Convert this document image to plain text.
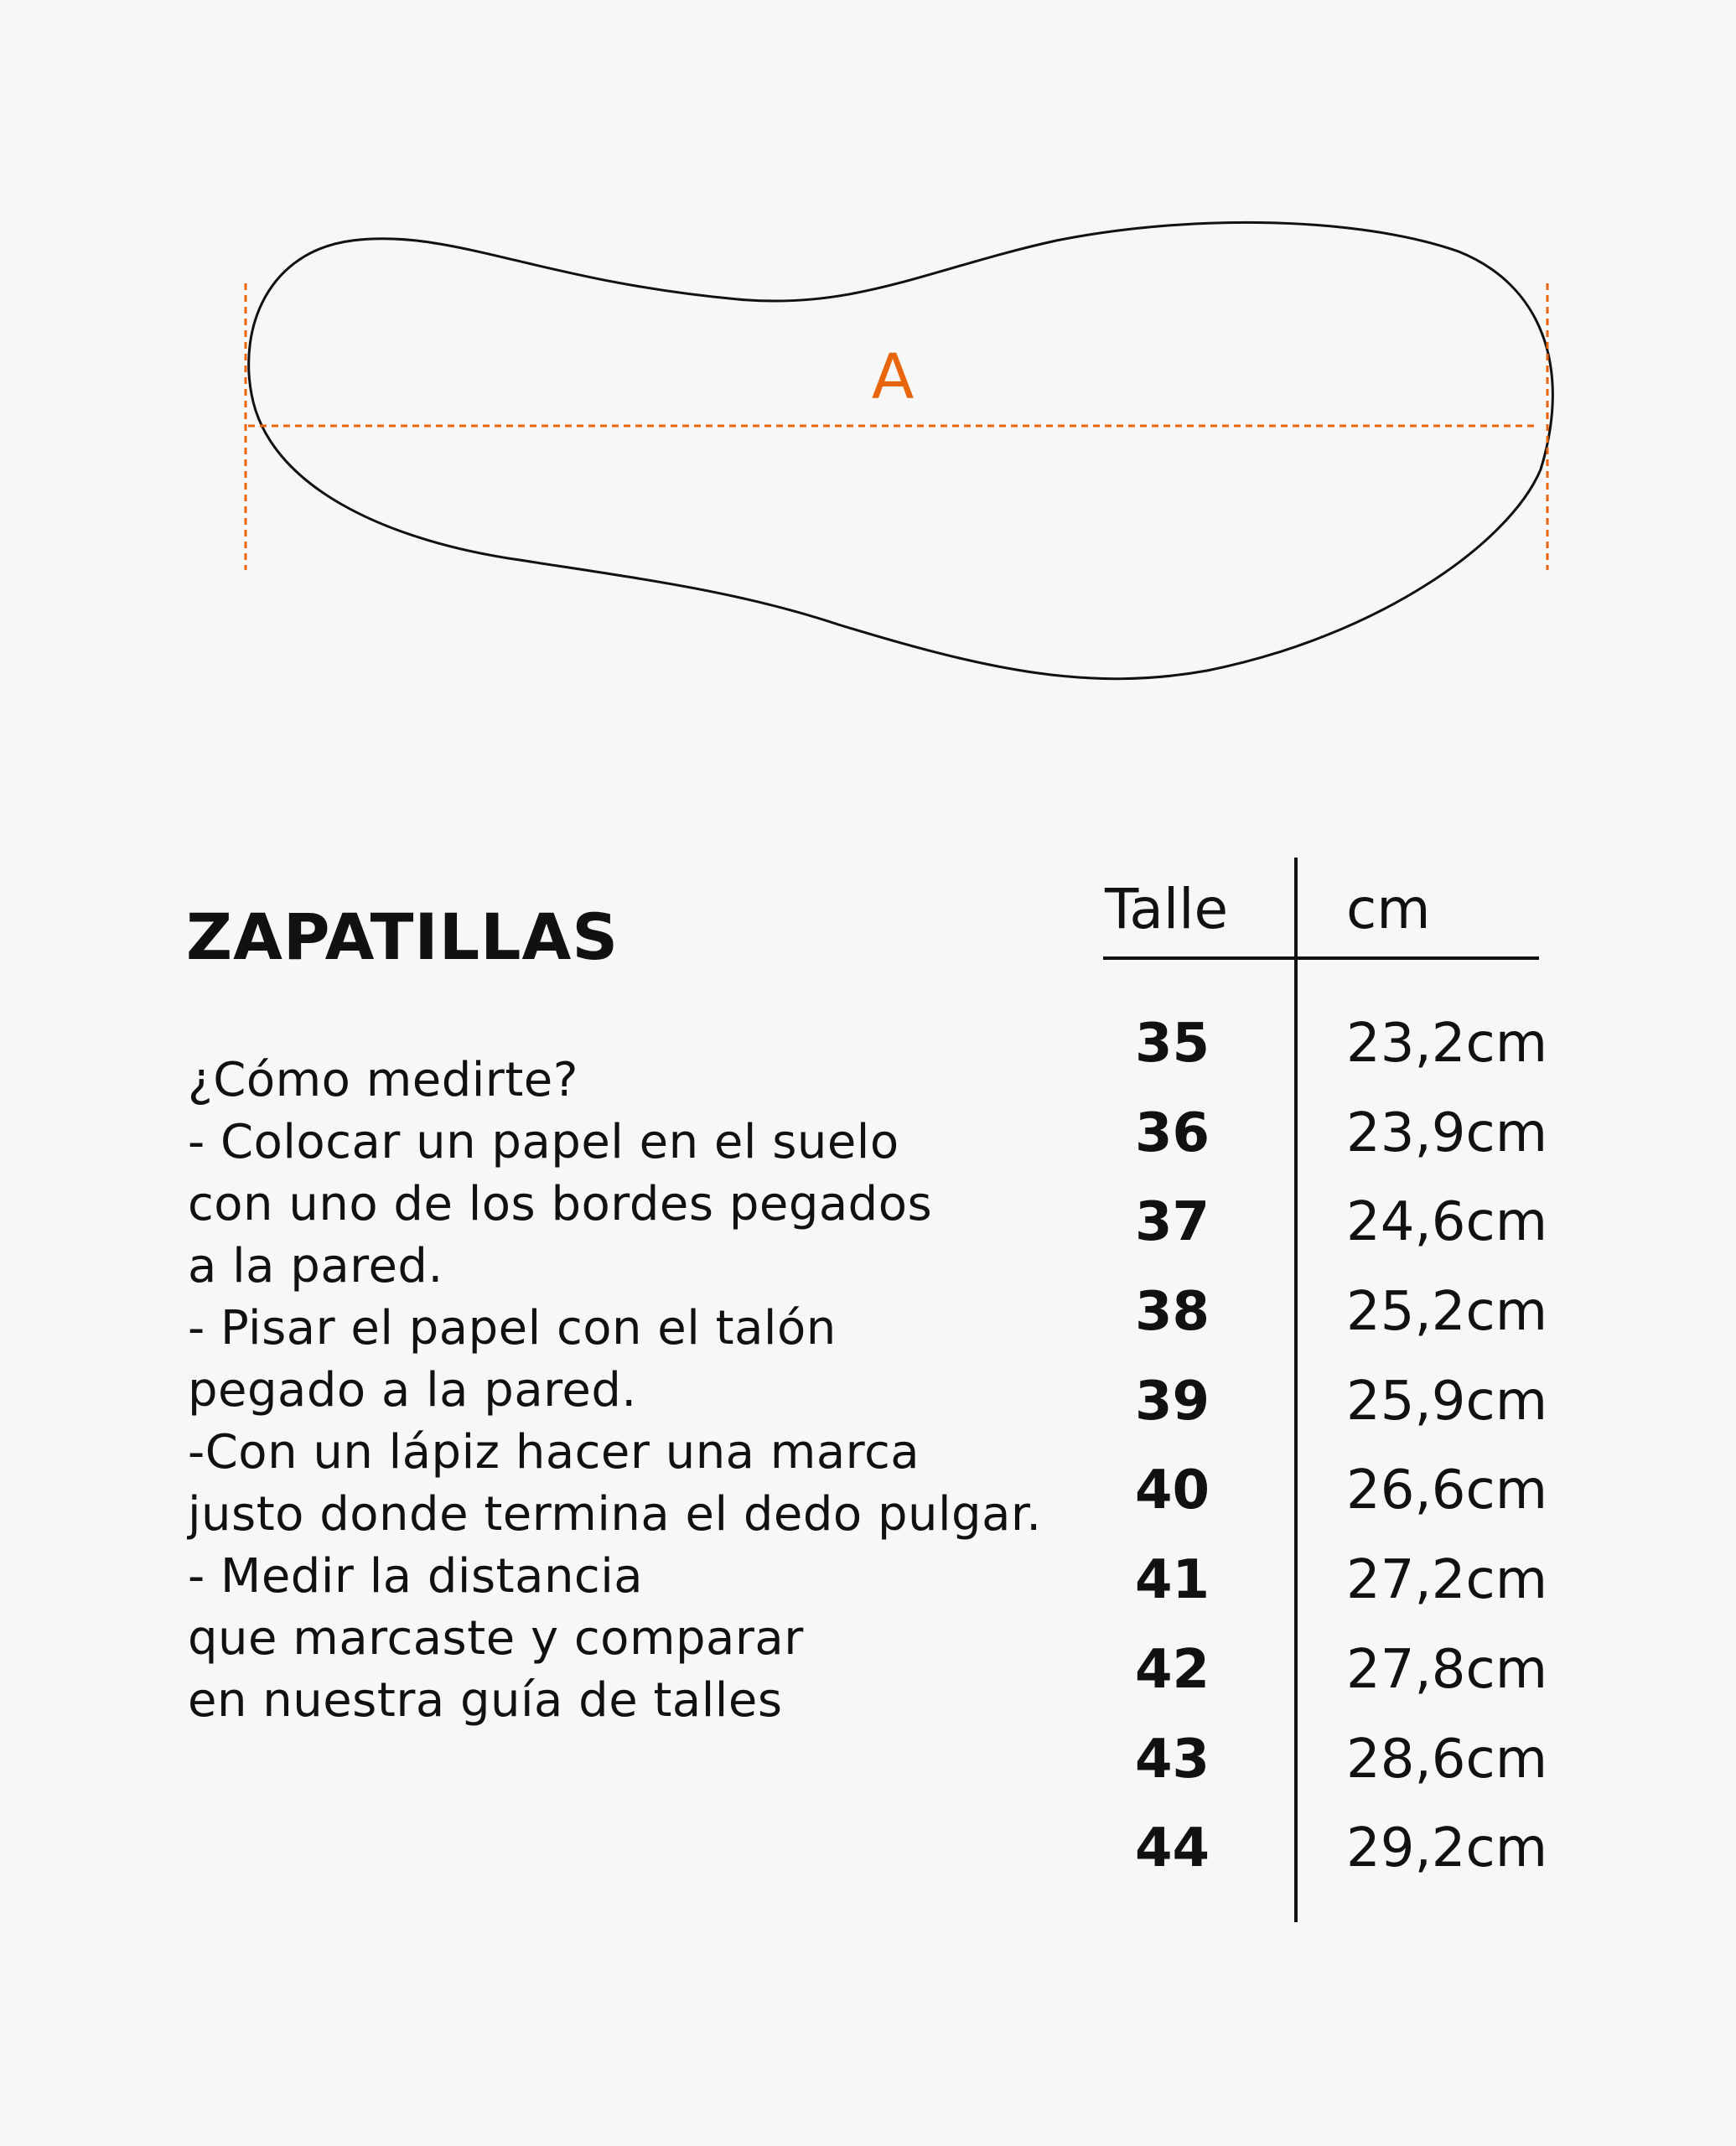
A
ZAPATILLAS
¿Cómo medirte?
- Colocar un papel en el suelo
con uno de los bordes pegados
a la pared.
- Pisar el papel con el talón
pegado a la pared.
-Con un lápiz hacer una marca
justo donde termina el dedo pulgar.
- Medir la distancia
que marcaste y comparar
en nuestra guía de talles
Talle cm
35	23,2cm
36	23,9cm
37	24,6cm
38	25,2cm
39	25,9cm
40	26,6cm
41	27,2cm
42	27,8cm
43	28,6cm
44	29,2cm
